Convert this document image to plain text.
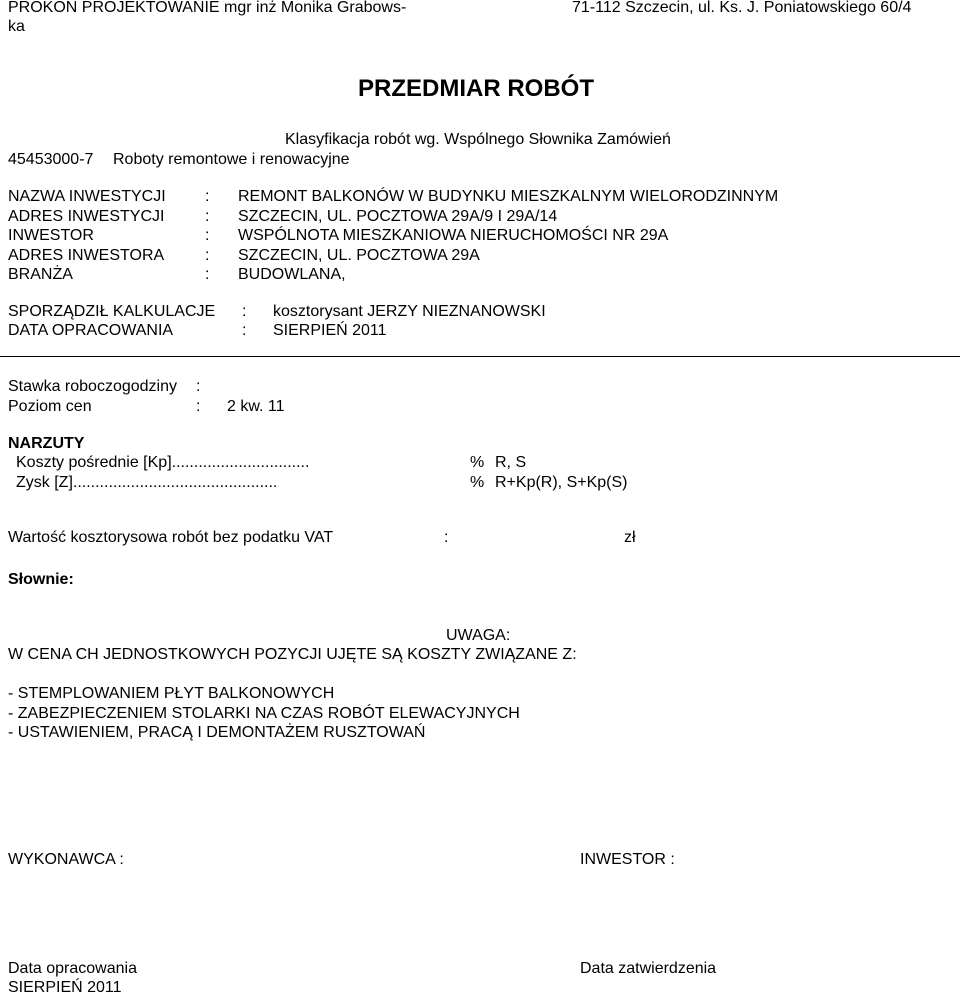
PROKON PROJEKTOWANIE mgr inż Monika Grabows-
ka
71-112 Szczecin, ul. Ks. J. Poniatowskiego 60/4
PRZEDMIAR ROBÓT
Klasyfikacja robót wg. Wspólnego Słownika Zamówień
45453000-7 Roboty remontowe i renowacyjne
NAZWA INWESTYCJI : REMONT BALKONÓW W BUDYNKU MIESZKALNYM WIELORODZINNYM
ADRES INWESTYCJI	: SZCZECIN, UL. POCZTOWA 29A/9 I 29A/14
INWESTOR	: WSPÓLNOTA MIESZKANIOWA NIERUCHOMOŚCI NR 29A
ADRES INWESTORA	: SZCZECIN, UL. POCZTOWA 29A
BRANŻA	: BUDOWLANA,
SPORZĄDZIŁ KALKULACJE : kosztorysant JERZY NIEZNANOWSKI
DATA OPRACOWANIA	: SIERPIEŃ 2011
Stawka roboczogodziny :
Poziom cen	: 2 kw. 11
NARZUTY
Koszty pośrednie [Kp]...............................	% R, S
Zysk [Z]..............................................	% R+Kp(R), S+Kp(S)
Wartość kosztorysowa robót bez podatku VAT	:	zł
Słownie:
UWAGA:
W CENA CH JEDNOSTKOWYCH POZYCJI UJĘTE SĄ KOSZTY ZWIĄZANE Z:
- STEMPLOWANIEM PŁYT BALKONOWYCH
- ZABEZPIECZENIEM STOLARKI NA CZAS ROBÓT ELEWACYJNYCH
- USTAWIENIEM, PRACĄ I DEMONTAŻEM RUSZTOWAŃ
WYKONAWCA :	INWESTOR :
Data opracowania
SIERPIEŃ 2011
Data zatwierdzenia
